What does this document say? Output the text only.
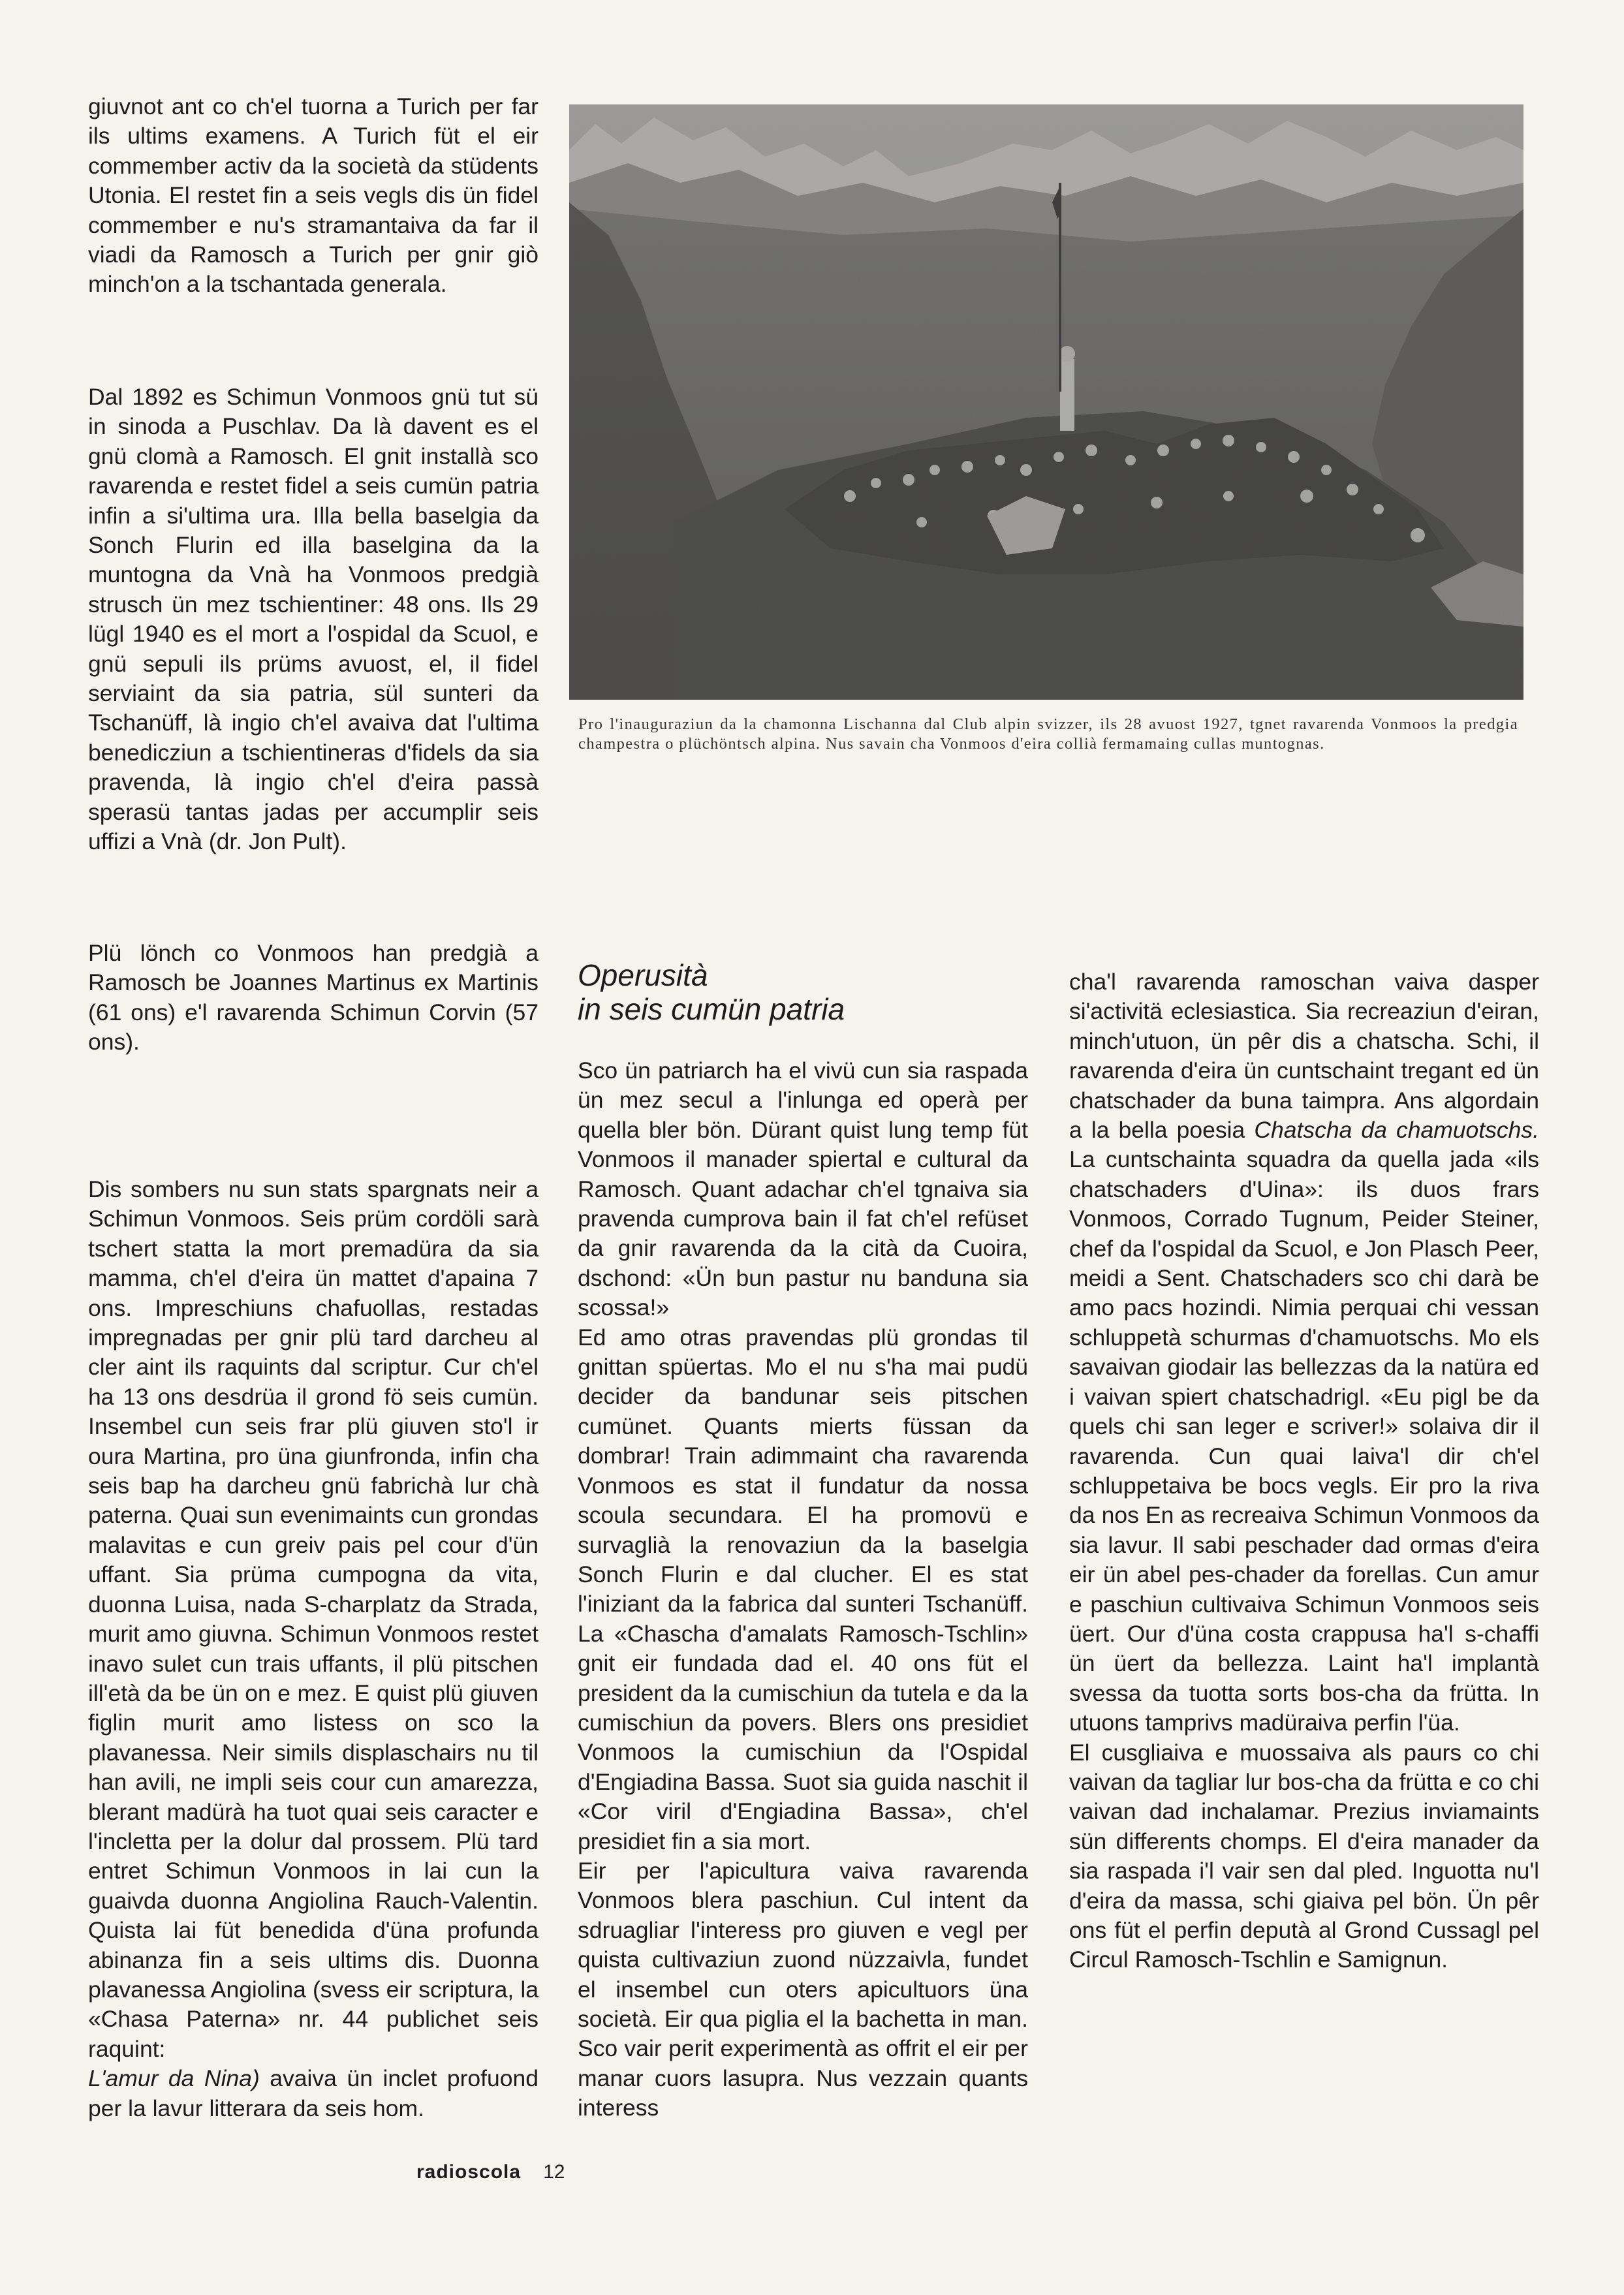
giuvnot ant co ch'el tuorna a Turich per far ils ultims examens. A Turich füt el eir commember activ da la società da stüdents Utonia. El restet fin a seis vegls dis ün fidel commember e nu's stramantaiva da far il viadi da Ramosch a Turich per gnir giò minch'on a la tschantada generala.

Dal 1892 es Schimun Vonmoos gnü tut sü in sinoda a Puschlav. Da là davent es el gnü clomà a Ramosch. El gnit installà sco ravarenda e restet fidel a seis cumün patria infin a si'ultima ura. Illa bella baselgia da Sonch Flurin ed illa baselgina da la muntogna da Vnà ha Vonmoos predgià strusch ün mez tschientiner: 48 ons. Ils 29 lügl 1940 es el mort a l'ospidal da Scuol, e gnü sepuli ils prüms avuost, el, il fidel serviaint da sia patria, sül sunteri da Tschanüff, là ingio ch'el avaiva dat l'ultima benedicziun a tschientineras d'fidels da sia pravenda, là ingio ch'el d'eira passà sperasü tantas jadas per accumplir seis uffizi a Vnà (dr. Jon Pult).

Plü lönch co Vonmoos han predgià a Ramosch be Joannes Martinus ex Martinis (61 ons) e'l ravarenda Schimun Corvin (57 ons).

Dis sombers nu sun stats spargnats neir a Schimun Vonmoos. Seis prüm cordöli sarà tschert statta la mort premadüra da sia mamma, ch'el d'eira ün mattet d'apaina 7 ons. Impreschiuns chafuollas, restadas impregnadas per gnir plü tard darcheu al cler aint ils raquints dal scriptur. Cur ch'el ha 13 ons desdrüa il grond fö seis cumün. Insembel cun seis frar plü giuven sto'l ir oura Martina, pro üna giunfronda, infin cha seis bap ha darcheu gnü fabrichà lur chà paterna. Quai sun evenimaints cun grondas malavitas e cun greiv pais pel cour d'ün uffant. Sia prüma cumpogna da vita, duonna Luisa, nada S-charplatz da Strada, murit amo giuvna. Schimun Vonmoos restet inavo sulet cun trais uffants, il plü pitschen ill'età da be ün on e mez. E quist plü giuven figlin murit amo listess on sco la plavanessa. Neir simils displaschairs nu til han avili, ne impli seis cour cun amarezza, blerant madürà ha tuot quai seis caracter e l'incletta per la dolur dal prossem. Plü tard entret Schimun Vonmoos in lai cun la guaivda duonna Angiolina Rauch-Valentin. Quista lai füt benedida d'üna profunda abinanza fin a seis ultims dis. Duonna plavanessa Angiolina (svess eir scriptura, la «Chasa Paterna» nr. 44 publichet seis raquint:
L'amur da Nina) avaiva ün inclet profuond per la lavur litterara da seis hom.

Pro l'inauguraziun da la chamonna Lischanna dal Club alpin svizzer, ils 28 avuost 1927, tgnet ravarenda Vonmoos la predgia champestra o plüchöntsch alpina. Nus savain cha Vonmoos d'eira collià fermamaing cullas muntognas.
Operusità
in seis cumün patria

Sco ün patriarch ha el vivü cun sia raspada ün mez secul a l'inlunga ed operà per quella bler bön. Dürant quist lung temp füt Vonmoos il manader spiertal e cultural da Ramosch. Quant adachar ch'el tgnaiva sia pravenda cumprova bain il fat ch'el refüset da gnir ravarenda da la cità da Cuoira, dschond: «Ün bun pastur nu banduna sia scossa!»

Ed amo otras pravendas plü grondas til gnittan spüertas. Mo el nu s'ha mai pudü decider da bandunar seis pitschen cumünet. Quants mierts füssan da dombrar! Train adimmaint cha ravarenda Vonmoos es stat il fundatur da nossa scoula secundara. El ha promovü e survaglià la renovaziun da la baselgia Sonch Flurin e dal clucher. El es stat l'iniziant da la fabrica dal sunteri Tschanüff. La «Chascha d'amalats Ramosch-Tschlin» gnit eir fundada dad el. 40 ons füt el president da la cumischiun da tutela e da la cumischiun da povers. Blers ons presidiet Vonmoos la cumischiun da l'Ospidal d'Engiadina Bassa. Suot sia guida naschit il «Cor viril d'Engiadina Bassa», ch'el presidiet fin a sia mort.

Eir per l'apicultura vaiva ravarenda Vonmoos blera paschiun. Cul intent da sdruagliar l'interess pro giuven e vegl per quista cultivaziun zuond nüzzaivla, fundet el insembel cun oters apicultuors üna società. Eir qua piglia el la bachetta in man. Sco vair perit experimentà as offrit el eir per manar cuors lasupra. Nus vezzain quants interess

cha'l ravarenda ramoschan vaiva dasper si'activitä eclesiastica. Sia recreaziun d'eiran, minch'utuon, ün pêr dis a chatscha. Schi, il ravarenda d'eira ün cuntschaint tregant ed ün chatschader da buna taimpra. Ans algordain a la bella poesia Chatscha da chamuotschs. La cuntschainta squadra da quella jada «ils chatschaders d'Uina»: ils duos frars Vonmoos, Corrado Tugnum, Peider Steiner, chef da l'ospidal da Scuol, e Jon Plasch Peer, meidi a Sent. Chatschaders sco chi darà be amo pacs hozindi. Nimia perquai chi vessan schluppetà schurmas d'chamuotschs. Mo els savaivan giodair las bellezzas da la natüra ed i vaivan spiert chatschadrigl. «Eu pigl be da quels chi san leger e scriver!» solaiva dir il ravarenda. Cun quai laiva'l dir ch'el schluppetaiva be bocs vegls. Eir pro la riva da nos En as recreaiva Schimun Vonmoos da sia lavur. Il sabi peschader dad ormas d'eira eir ün abel pes-chader da forellas. Cun amur e paschiun cultivaiva Schimun Vonmoos seis üert. Our d'üna costa crappusa ha'l s-chaffi ün üert da bellezza. Laint ha'l implantà svessa da tuotta sorts bos-cha da frütta. In utuons tamprivs madüraiva perfin l'üa.

El cusgliaiva e muossaiva als paurs co chi vaivan da tagliar lur bos-cha da frütta e co chi vaivan dad inchalamar. Prezius inviamaints sün differents chomps. El d'eira manader da sia raspada i'l vair sen dal pled. Inguotta nu'l d'eira da massa, schi giaiva pel bön. Ün pêr ons füt el perfin deputà al Grond Cussagl pel Circul Ramosch-Tschlin e Samignun.

radioscola 12
